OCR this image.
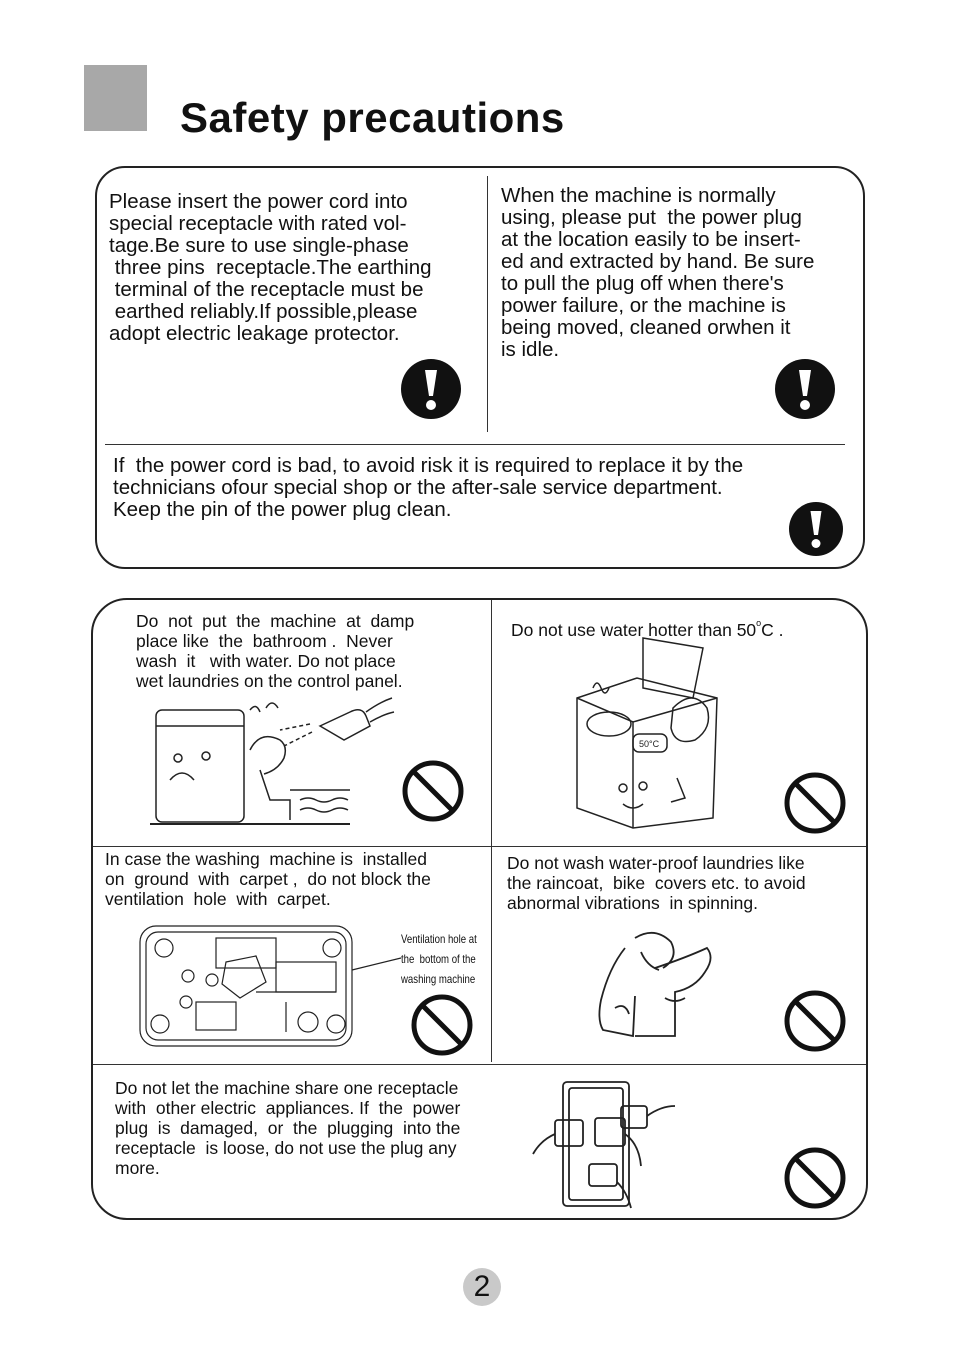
Safety precautions
Please insert the power cord into
special receptacle with rated vol-
tage.Be sure to use single-phase
three pins  receptacle.The earthing
terminal of the receptacle must be
earthed reliably.If possible,please
adopt electric leakage protector.
When the machine is normally
using, please put  the power plug
at the location easily to be insert-
ed and extracted by hand. Be sure
to pull the plug off when there's
power failure, or the machine is
being moved, cleaned orwhen it
is idle.
If  the power cord is bad, to avoid risk it is required to replace it by the
technicians ofour special shop or the after-sale service department.
Keep the pin of the power plug clean.
Do  not  put  the  machine  at  damp
place like  the  bathroom .  Never
wash  it   with water. Do not place
wet laundries on the control panel.
Do not use water hotter than 50$^o$C .
In case the washing  machine is  installed
on  ground  with  carpet ,  do not block the
ventilation  hole  with  carpet.
Ventilation hole at
the  bottom of the
washing machine
Do not wash water-proof laundries like
the raincoat,  bike  covers etc. to avoid
abnormal vibrations  in spinning.
Do not let the machine share one receptacle
with  other electric  appliances. If  the  power
plug  is  damaged,  or  the  plugging  into the
receptacle  is loose, do not use the plug any
more.
50°C
2
